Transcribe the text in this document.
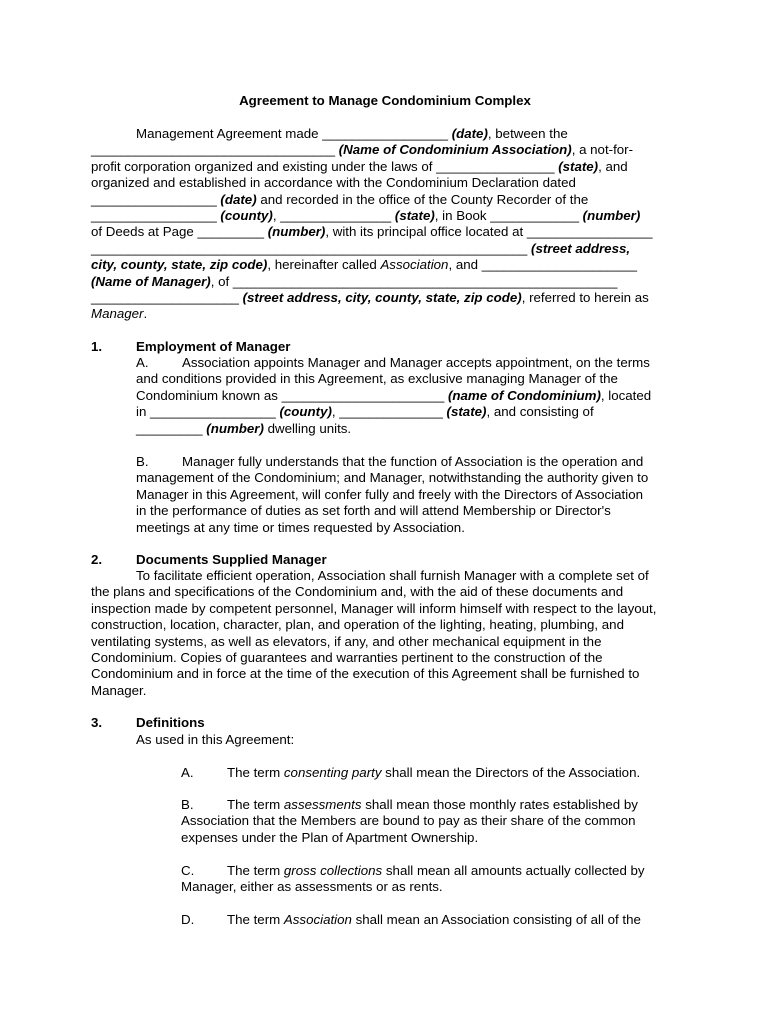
Agreement to Manage Condominium Complex

Management Agreement made _________________ (date), between the

_________________________________ (Name of Condominium Association), a not-for-

profit corporation organized and existing under the laws of ________________ (state), and

organized and established in accordance with the Condominium Declaration dated

_________________ (date) and recorded in the office of the County Recorder of the

_________________ (county), _______________ (state), in Book ____________ (number)

of Deeds at Page _________ (number), with its principal office located at _________________

___________________________________________________________ (street address,

city, county, state, zip code), hereinafter called Association, and _____________________

(Name of Manager), of ____________________________________________________

____________________ (street address, city, county, state, zip code), referred to herein as

Manager.

1.	Employment of Manager
A.	Association appoints Manager and Manager accepts appointment, on the terms
and conditions provided in this Agreement, as exclusive managing Manager of the
Condominium known as ______________________ (name of Condominium), located
in _________________ (county), ______________ (state), and consisting of
_________ (number) dwelling units.
B.	Manager fully understands that the function of Association is the operation and
management of the Condominium; and Manager, notwithstanding the authority given to
Manager in this Agreement, will confer fully and freely with the Directors of Association
in the performance of duties as set forth and will attend Membership or Director's
meetings at any time or times requested by Association.
2.	Documents Supplied Manager

To facilitate efficient operation, Association shall furnish Manager with a complete set of

the plans and specifications of the Condominium and, with the aid of these documents and

inspection made by competent personnel, Manager will inform himself with respect to the layout,

construction, location, character, plan, and operation of the lighting, heating, plumbing, and

ventilating systems, as well as elevators, if any, and other mechanical equipment in the

Condominium. Copies of guarantees and warranties pertinent to the construction of the

Condominium and in force at the time of the execution of this Agreement shall be furnished to

Manager.

3.	Definitions
As used in this Agreement:
A.	The term consenting party shall mean the Directors of the Association.
B.	The term assessments shall mean those monthly rates established by
Association that the Members are bound to pay as their share of the common
expenses under the Plan of Apartment Ownership.
C. The term gross collections shall mean all amounts actually collected by
Manager, either as assessments or as rents.
D. The term Association shall mean an Association consisting of all of the
